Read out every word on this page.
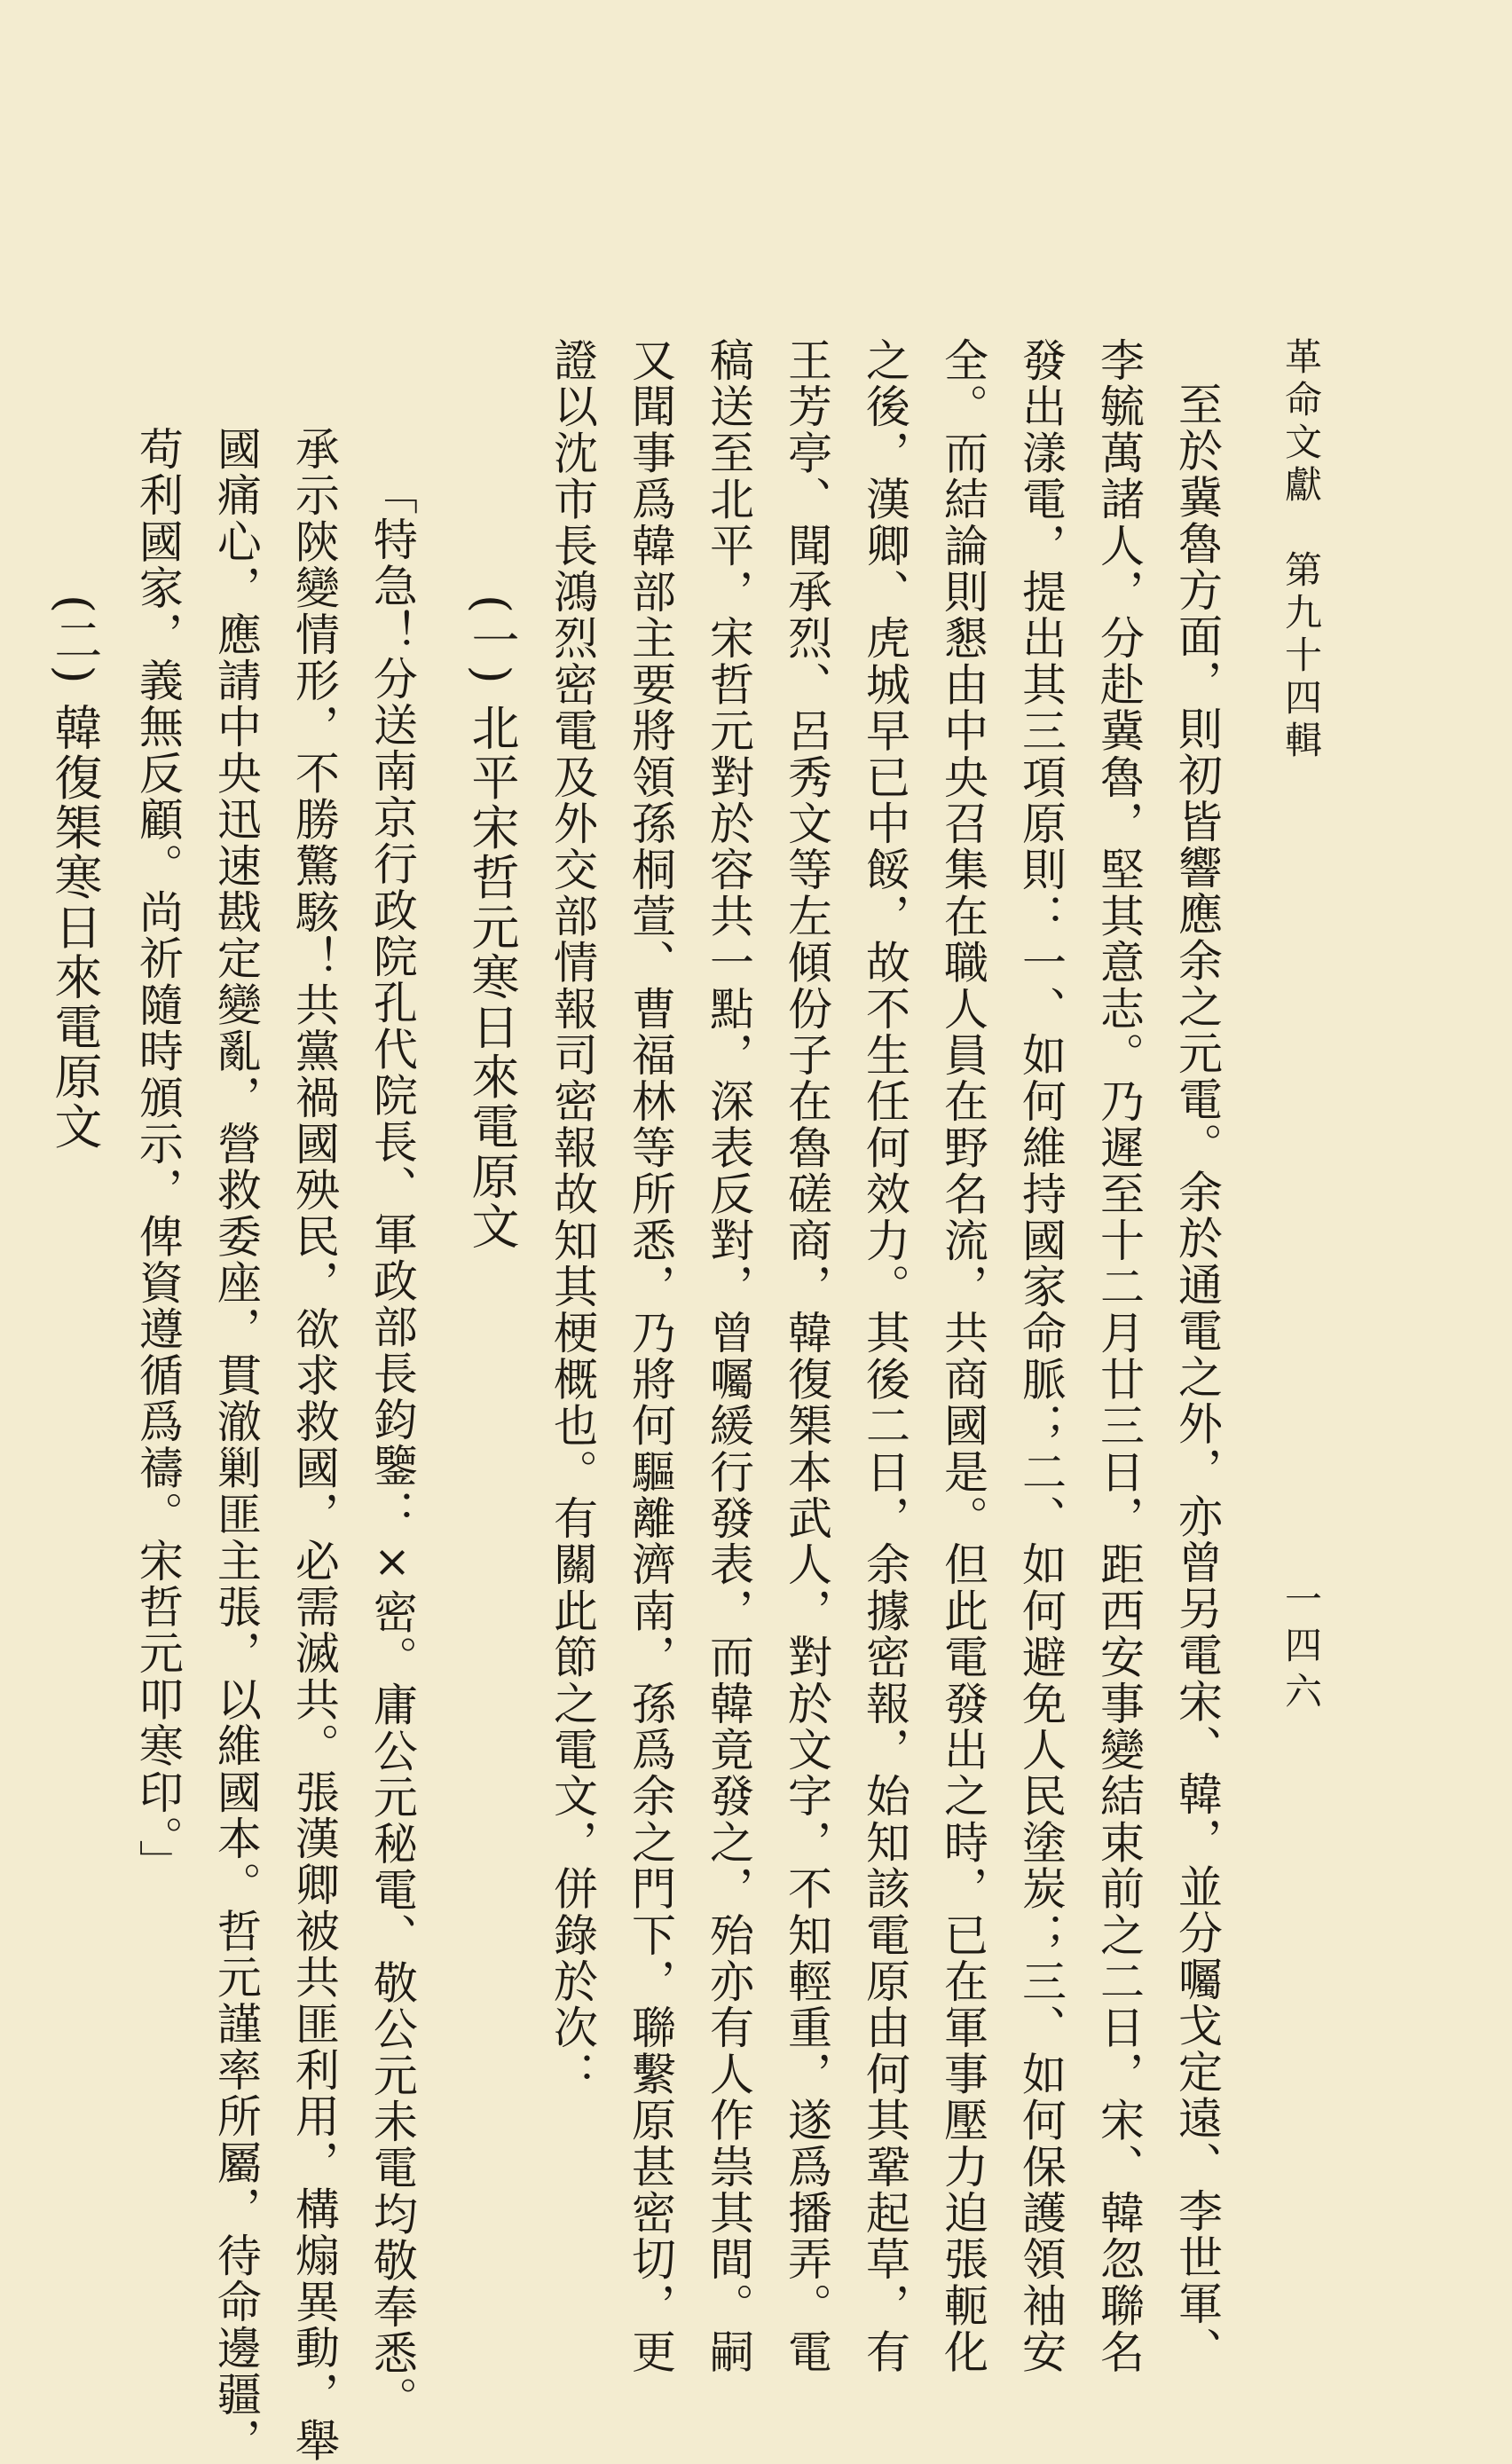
革命文獻　第九十四輯
一四六
至於冀魯方面，則初皆響應余之元電。余於通電之外，亦曾另電宋、韓，並分囑戈定遠、李世軍、
李毓萬諸人，分赴冀魯，堅其意志。乃遲至十二月廿三日，距西安事變結束前之二日，宋、韓忽聯名
發出漾電，提出其三項原則：一、如何維持國家命脈；二、如何避免人民塗炭；三、如何保護領袖安
全。而結論則懇由中央召集在職人員在野名流，共商國是。但此電發出之時，已在軍事壓力迫張軛化
之後，漢卿、虎城早已中餒，故不生任何效力。其後二日，余據密報，始知該電原由何其鞏起草，有
王芳亭、聞承烈、呂秀文等左傾份子在魯磋商，韓復榘本武人，對於文字，不知輕重，遂爲播弄。電
稿送至北平，宋哲元對於容共一點，深表反對，曾囑緩行發表，而韓竟發之，殆亦有人作祟其間。嗣
又聞事爲韓部主要將領孫桐萱、曹福林等所悉，乃將何驅離濟南，孫爲余之門下，聯繫原甚密切，更
證以沈市長鴻烈密電及外交部情報司密報故知其梗概也。有關此節之電文，併錄於次：
(一) 北平宋哲元寒日來電原文
「特急！分送南京行政院孔代院長、軍政部長鈞鑒：×密。庸公元秘電、敬公元未電均敬奉悉。
承示陝變情形，不勝驚駭！共黨禍國殃民，欲求救國，必需滅共。張漢卿被共匪利用，構煽異動，舉
國痛心，應請中央迅速戡定變亂，營救委座，貫澈剿匪主張，以維國本。哲元謹率所屬，待命邊疆，
苟利國家，義無反顧。尚祈隨時頒示，俾資遵循爲禱。宋哲元叩寒印。」
(二) 韓復榘寒日來電原文
